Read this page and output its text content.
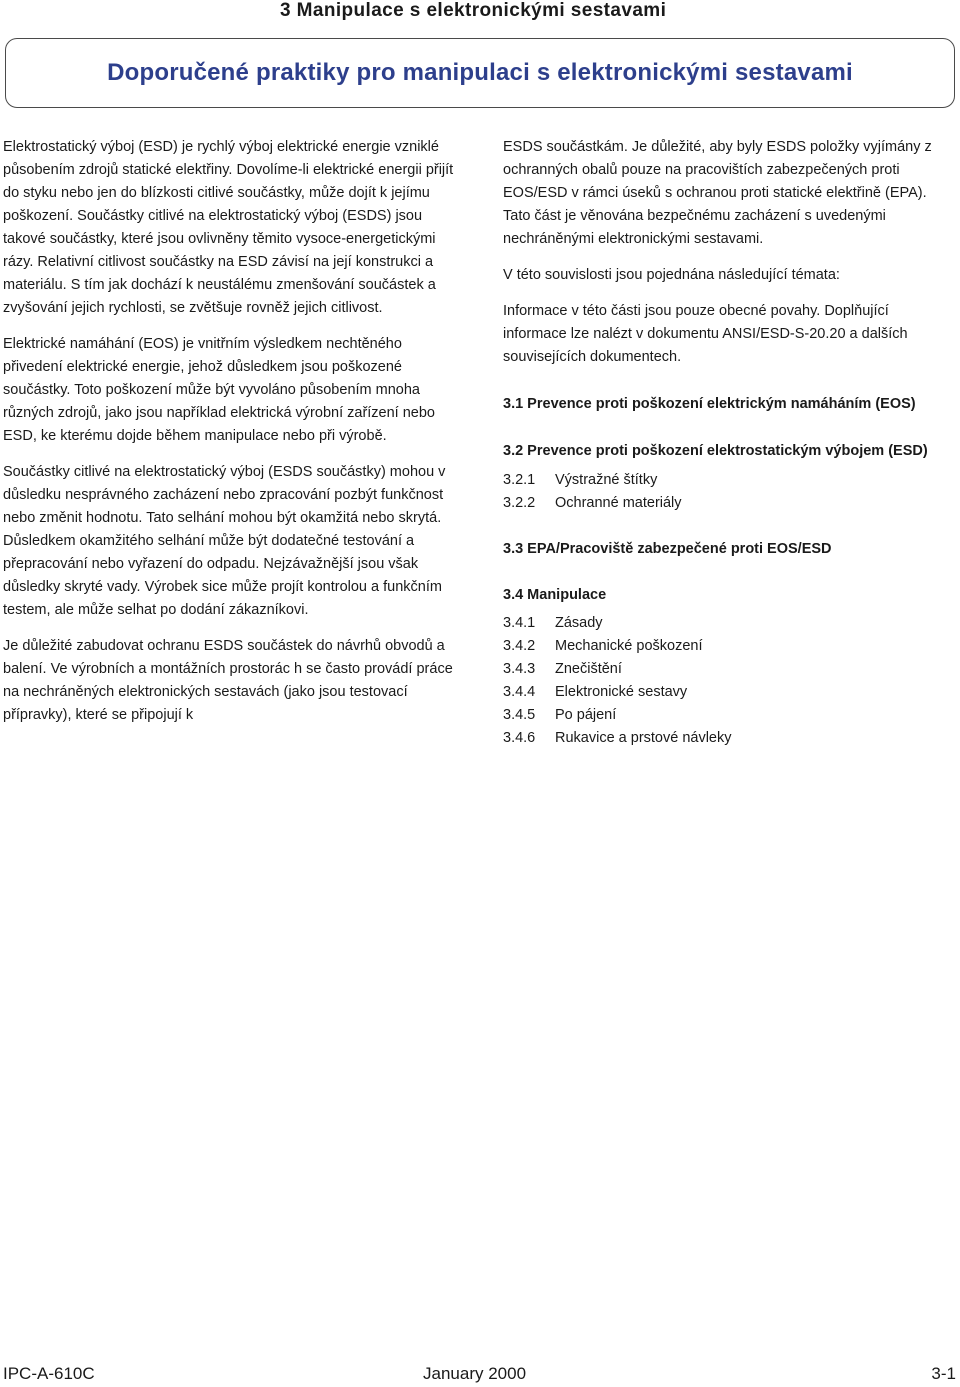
3 Manipulace s elektronickými sestavami
Doporučené praktiky pro manipulaci s elektronickými sestavami

Elektrostatický výboj (ESD) je rychlý výboj elektrické energie vzniklé působením zdrojů statické elektřiny. Dovolíme-li elektrické energii přijít do styku nebo jen do blízkosti citlivé součástky, může dojít k jejímu poškození. Součástky citlivé na elektrostatický výboj (ESDS) jsou takové součástky, které jsou ovlivněny těmito vysoce-energetickými rázy. Relativní citlivost součástky na ESD závisí na její konstrukci a materiálu. S tím jak dochází k neustálému zmenšování součástek a zvyšování jejich rychlosti, se zvětšuje rovněž jejich citlivost.

Elektrické namáhání (EOS) je vnitřním výsledkem nechtěného přivedení elektrické energie, jehož důsledkem jsou poškozené součástky. Toto poškození může být vyvoláno působením mnoha různých zdrojů, jako jsou například elektrická výrobní zařízení nebo ESD, ke kterému dojde během manipulace nebo při výrobě.

Součástky citlivé na elektrostatický výboj (ESDS součástky) mohou v důsledku nesprávného zacházení nebo zpracování pozbýt funkčnost nebo změnit hodnotu. Tato selhání mohou být okamžitá nebo skrytá. Důsledkem okamžitého selhání může být dodatečné testování a přepracování nebo vyřazení do odpadu. Nejzávažnější jsou však důsledky skryté vady. Výrobek sice může projít kontrolou a funkčním testem, ale může selhat po dodání zákazníkovi.

Je důležité zabudovat ochranu ESDS součástek do návrhů obvodů a balení. Ve výrobních a montážních prostorác h se často provádí práce na nechráněných elektronických sestavách (jako jsou testovací přípravky), které se připojují k

ESDS součástkám. Je důležité, aby byly ESDS položky vyjímány z ochranných obalů pouze na pracovištích zabezpečených proti EOS/ESD v rámci úseků s ochranou proti statické elektřině (EPA). Tato část je věnována bezpečnému zacházení s uvedenými nechráněnými elektronickými sestavami.

V této souvislosti jsou pojednána následující témata:

Informace v této části jsou pouze obecné povahy. Doplňující informace lze nalézt v dokumentu ANSI/ESD-S-20.20 a dalších souvisejících dokumentech.

3.1 Prevence proti poškození elektrickým namáháním (EOS)
3.2 Prevence proti poškození elektrostatickým výbojem (ESD)
3.2.1	Výstražné štítky
3.2.2	Ochranné materiály
3.3 EPA/Pracoviště zabezpečené proti EOS/ESD
3.4 Manipulace
3.4.1	Zásady
3.4.2	Mechanické poškození
3.4.3	Znečištění
3.4.4	Elektronické sestavy
3.4.5	Po pájení
3.4.6	Rukavice a prstové návleky
IPC-A-610C	January 2000	3-1
